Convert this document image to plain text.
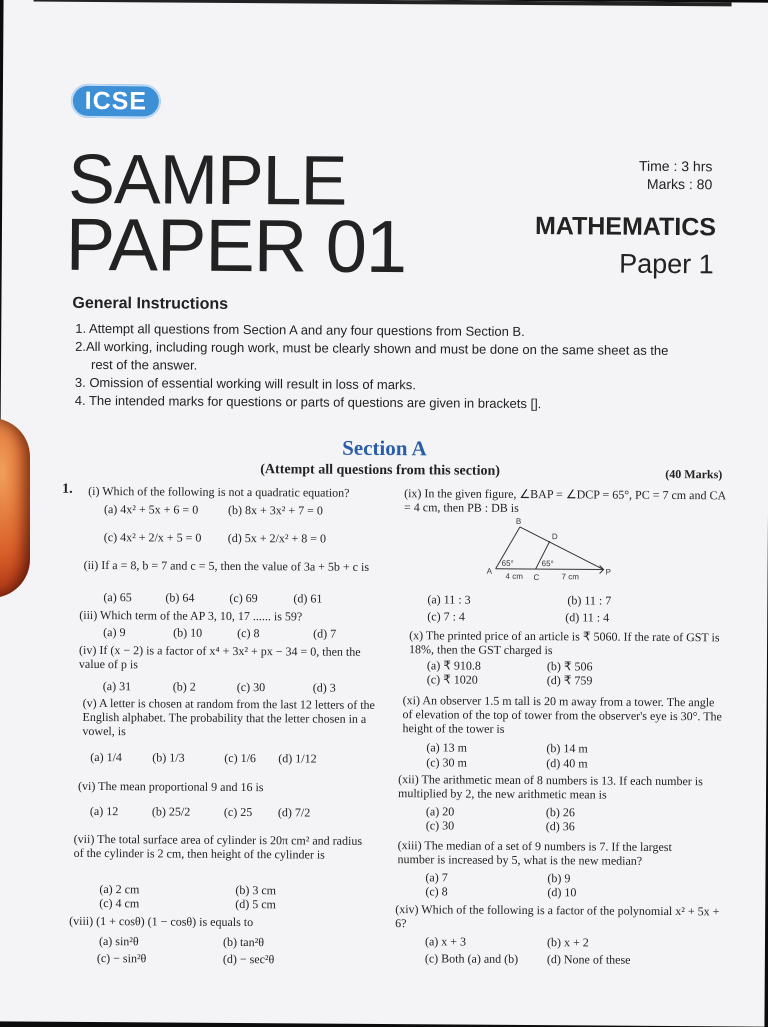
ICSE
SAMPLE
PAPER 01
Time : 3 hrs
Marks : 80
MATHEMATICS
Paper 1
General Instructions
1. Attempt all questions from Section A and any four questions from Section B.
2.All working, including rough work, must be clearly shown and must be done on the same sheet as the rest of the answer.
3. Omission of essential working will result in loss of marks.
4. The intended marks for questions or parts of questions are given in brackets [].
Section A
(Attempt all questions from this section)	(40 Marks)
1. (i) Which of the following is not a quadratic equation?
(a) 4x² + 5x + 6 = 0 (b) 8x + 3x² + 7 = 0
(c) 4x² + 2/x + 5 = 0 (d) 5x + 2/x² + 8 = 0
(ii) If a = 8, b = 7 and c = 5, then the value of 3a + 5b + c is
(a) 65	(b) 64	(c) 69	(d) 61
(iii) Which term of the AP 3, 10, 17 ...... is 59?
(a) 9	(b) 10	(c) 8	(d) 7
(iv) If (x − 2) is a factor of x⁴ + 3x² + px − 34 = 0, then the value of p is
(a) 31	(b) 2	(c) 30	(d) 3
(v) A letter is chosen at random from the last 12 letters of the English alphabet. The probability that the letter chosen in a vowel, is
(a) 1/4	(b) 1/3	(c) 1/6 (d) 1/12
(vi) The mean proportional 9 and 16 is
(a) 12	(b) 25/2	(c) 25 (d) 7/2
(vii) The total surface area of cylinder is 20π cm² and radius of the cylinder is 2 cm, then height of the cylinder is
(a) 2 cm	(b) 3 cm
(c) 4 cm	(d) 5 cm
(viii) (1 + cosθ) (1 − cosθ) is equals to
(a) sin²θ	(b) tan²θ
(c) − sin²θ	(d) − sec²θ
(ix) In the given figure, ∠BAP = ∠DCP = 65°, PC = 7 cm and CA = 4 cm, then PB : DB is
B
D
A
C
P
65°	65°
4 cm	7 cm
(a) 11 : 3	(b) 11 : 7
(c) 7 : 4	(d) 11 : 4
(x) The printed price of an article is ₹ 5060. If the rate of GST is 18%, then the GST charged is
(a) ₹ 910.8	(b) ₹ 506
(c) ₹ 1020	(d) ₹ 759
(xi) An observer 1.5 m tall is 20 m away from a tower. The angle of elevation of the top of tower from the observer's eye is 30°. The height of the tower is
(a) 13 m	(b) 14 m
(c) 30 m	(d) 40 m
(xii) The arithmetic mean of 8 numbers is 13. If each number is multiplied by 2, the new arithmetic mean is
(a) 20	(b) 26
(c) 30	(d) 36
(xiii) The median of a set of 9 numbers is 7. If the largest number is increased by 5, what is the new median?
(a) 7	(b) 9
(c) 8	(d) 10
(xiv) Which of the following is a factor of the polynomial x² + 5x + 6?
(a) x + 3	(b) x + 2
(c) Both (a) and (b) (d) None of these
